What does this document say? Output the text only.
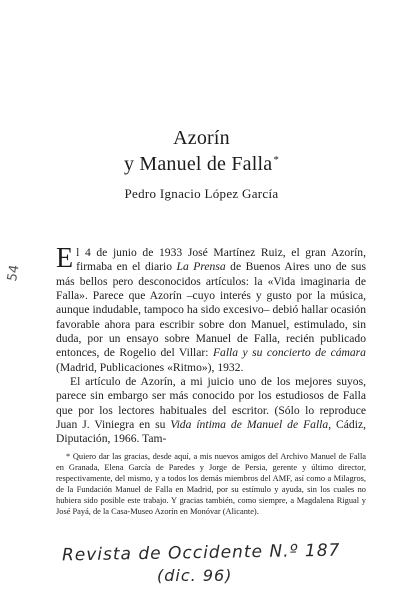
Azorín
y Manuel de Falla*
Pedro Ignacio López García
54 El 4 de junio de 1933 José Martínez Ruiz, el gran Azorín, firmaba en el diario La Prensa de Buenos Aires uno de sus más bellos pero desconocidos artículos: la «Vida imaginaria de Falla». Parece que Azorín –cuyo interés y gusto por la música, aunque indudable, tampoco ha sido excesivo– debió hallar ocasión favorable ahora para escribir sobre don Manuel, estimulado, sin duda, por un ensayo sobre Manuel de Falla, recién publicado entonces, de Rogelio del Villar: Falla y su concierto de cámara (Madrid, Publicaciones «Ritmo»), 1932.

El artículo de Azorín, a mi juicio uno de los mejores suyos, parece sin embargo ser más conocido por los estudiosos de Falla que por los lectores habituales del escritor. (Sólo lo reproduce Juan J. Viniegra en su Vida íntima de Manuel de Falla, Cádiz, Diputación, 1966. Tam-

* Quiero dar las gracias, desde aquí, a mis nuevos amigos del Archivo Manuel de Falla en Granada, Elena García de Paredes y Jorge de Persia, gerente y último director, respectivamente, del mismo, y a todos los demás miembros del AMF, así como a Milagros, de la Fundación Manuel de Falla en Madrid, por su estímulo y ayuda, sin los cuales no hubiera sido posible este trabajo. Y gracias también, como siempre, a Magdalena Rigual y José Payá, de la Casa-Museo Azorín en Monóvar (Alicante).

Revista de Occidente N.º 187
(dic. 96)
